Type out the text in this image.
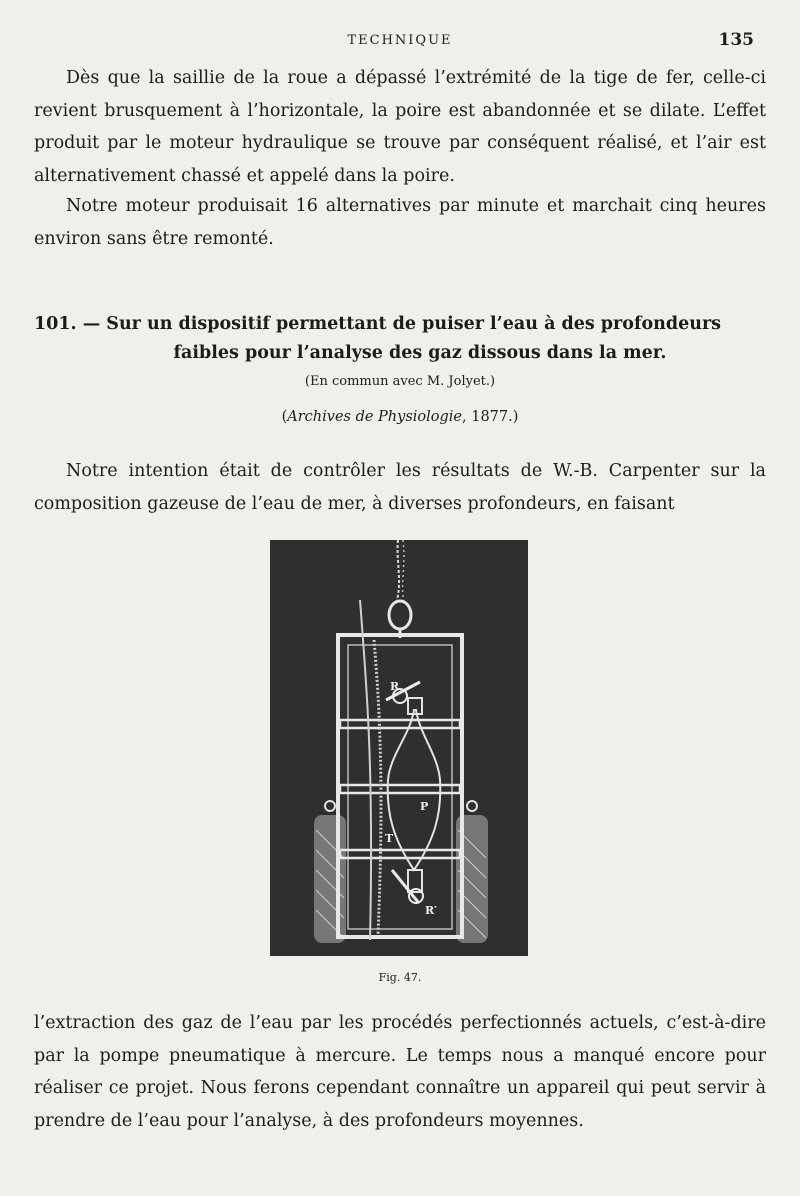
TECHNIQUE	135

Dès que la saillie de la roue a dépassé l’extrémité de la tige de fer, celle-ci revient brusquement à l’horizontale, la poire est abandonnée et se dilate. L’effet produit par le moteur hydraulique se trouve par conséquent réalisé, et l’air est alternativement chassé et appelé dans la poire.

Notre moteur produisait 16 alternatives par minute et marchait cinq heures environ sans être remonté.

101. — Sur un dispositif permettant de puiser l’eau à des profondeurs
faibles pour l’analyse des gaz dissous dans la mer.
(En commun avec M. Jolyet.)
(Archives de Physiologie, 1877.)

Notre intention était de contrôler les résultats de W.-B. Carpenter sur la composition gazeuse de l’eau de mer, à diverses profondeurs, en faisant

R
P
T
R′
Fig. 47.

l’extraction des gaz de l’eau par les procédés perfectionnés actuels, c’est-à-dire par la pompe pneumatique à mercure. Le temps nous a manqué encore pour réaliser ce projet. Nous ferons cependant connaître un appareil qui peut servir à prendre de l’eau pour l’analyse, à des profondeurs moyennes.
